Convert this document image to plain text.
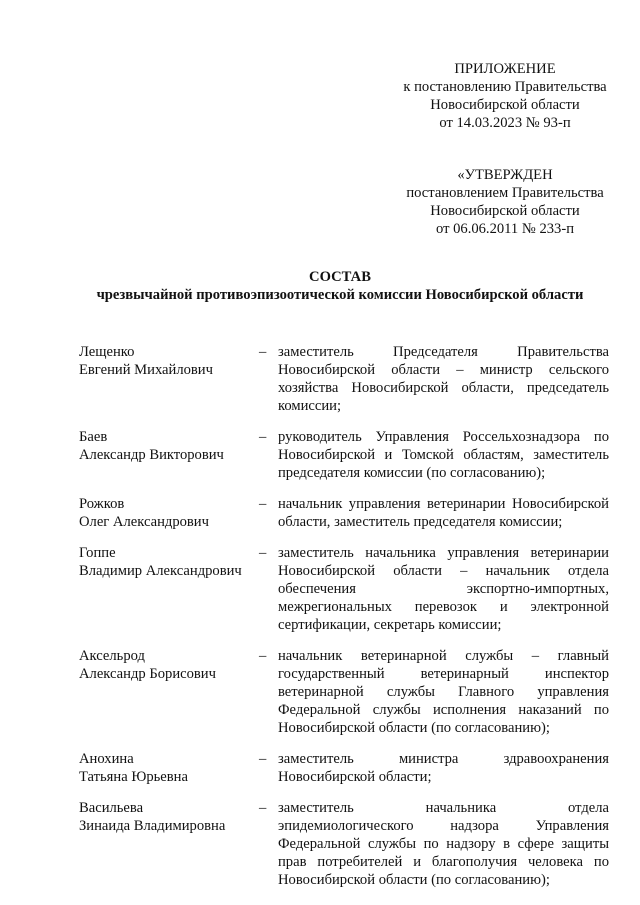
ПРИЛОЖЕНИЕ
к постановлению Правительства
Новосибирской области
от 14.03.2023 № 93-п
«УТВЕРЖДЕН
постановлением Правительства
Новосибирской области
от 06.06.2011 № 233-п
СОСТАВ
чрезвычайной противоэпизоотической комиссии Новосибирской области
Лещенко
Евгений Михайлович
– заместитель Председателя Правительства Новосибирской области – министр сельского хозяйства Новосибирской области, председатель комиссии;
Баев
Александр Викторович
– руководитель Управления Россельхознадзора по Новосибирской и Томской областям, заместитель председателя комиссии (по согласованию);
Рожков
Олег Александрович
– начальник управления ветеринарии Новосибирской области, заместитель председателя комиссии;
Гоппе
Владимир Александрович
– заместитель начальника управления ветеринарии Новосибирской области – начальник отдела обеспечения экспортно-импортных, межрегиональных перевозок и электронной сертификации, секретарь комиссии;
Аксельрод
Александр Борисович
– начальник ветеринарной службы – главный государственный ветеринарный инспектор ветеринарной службы Главного управления Федеральной службы исполнения наказаний по Новосибирской области (по согласованию);
Анохина
Татьяна Юрьевна
– заместитель министра здравоохранения Новосибирской области;
Васильева
Зинаида Владимировна
– заместитель начальника отдела эпидемиологического надзора Управления Федеральной службы по надзору в сфере защиты прав потребителей и благополучия человека по Новосибирской области (по согласованию);
